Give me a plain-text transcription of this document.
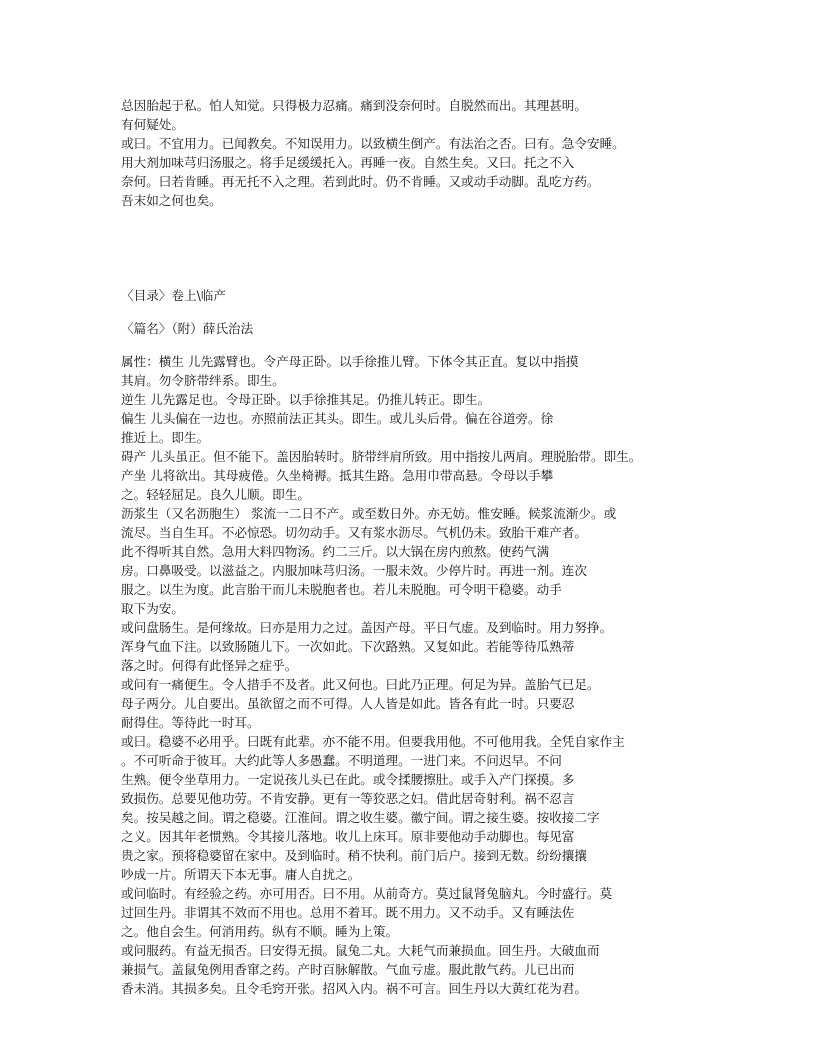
总因胎起于私。怕人知觉。只得极力忍痛。痛到没奈何时。自脱然而出。其理甚明。
有何疑处。
或曰。不宜用力。已闻教矣。不知误用力。以致横生倒产。有法治之否。曰有。急令安睡。
用大剂加味芎归汤服之。将手足缓缓托入。再睡一夜。自然生矣。又曰。托之不入
奈何。曰若肯睡。再无托不入之理。若到此时。仍不肯睡。又或动手动脚。乱吃方药。
吾末如之何也矣。
〈目录〉卷上\临产
〈篇名〉（附）薛氏治法
属性：横生 儿先露臂也。令产母正卧。以手徐推儿臂。下体令其正直。复以中指摸
其肩。勿令脐带绊系。即生。
逆生 儿先露足也。令母正卧。以手徐推其足。仍推儿转正。即生。
偏生 儿头偏在一边也。亦照前法正其头。即生。或儿头后骨。偏在谷道旁。徐
推近上。即生。
碍产 儿头虽正。但不能下。盖因胎转时。脐带绊肩所致。用中指按儿两肩。理脱胎带。即生。
产坐 儿将欲出。其母疲倦。久坐椅褥。抵其生路。急用巾带高悬。令母以手攀
之。轻轻屈足。良久儿顺。即生。
沥浆生（又名沥胞生） 浆流一二日不产。或至数日外。亦无妨。惟安睡。候浆流渐少。或
流尽。当自生耳。不必惊恐。切勿动手。又有浆水沥尽。气机仍未。致胎干难产者。
此不得听其自然。急用大料四物汤。约二三斤。以大锅在房内煎熬。使药气满
房。口鼻吸受。以滋益之。内服加味芎归汤。一服未效。少停片时。再进一剂。连次
服之。以生为度。此言胎干而儿未脱胞者也。若儿未脱胞。可令明干稳婆。动手
取下为安。
或问盘肠生。是何缘故。曰亦是用力之过。盖因产母。平日气虚。及到临时。用力努挣。
浑身气血下注。以致肠随儿下。一次如此。下次路熟。又复如此。若能等待瓜熟蒂
落之时。何得有此怪异之症乎。
或问有一痛便生。令人措手不及者。此又何也。曰此乃正理。何足为异。盖胎气已足。
母子两分。儿自要出。虽欲留之而不可得。人人皆是如此。皆各有此一时。只要忍
耐得住。等待此一时耳。
或曰。稳婆不必用乎。曰既有此辈。亦不能不用。但要我用他。不可他用我。全凭自家作主
。不可听命于彼耳。大约此等人多愚蠢。不明道理。一进门来。不问迟早。不问
生熟。便令坐草用力。一定说孩儿头已在此。或令揉腰擦肚。或手入产门探摸。多
致损伤。总要见他功劳。不肯安静。更有一等狡恶之妇。借此居奇射利。祸不忍言
矣。按吴越之间。谓之稳婆。江淮间。谓之收生婆。徽宁间。谓之接生婆。按收接二字
之义。因其年老惯熟。令其接儿落地。收儿上床耳。原非要他动手动脚也。每见富
贵之家。预将稳婆留在家中。及到临时。稍不快利。前门后户。接到无数。纷纷攘攘
吵成一片。所谓天下本无事。庸人自扰之。
或问临时。有经验之药。亦可用否。曰不用。从前奇方。莫过鼠肾兔脑丸。今时盛行。莫
过回生丹。非谓其不效而不用也。总用不着耳。既不用力。又不动手。又有睡法佐
之。他自会生。何消用药。纵有不顺。睡为上策。
或问服药。有益无损否。曰安得无损。鼠兔二丸。大耗气而兼损血。回生丹。大破血而
兼损气。盖鼠兔例用香窜之药。产时百脉解散。气血亏虚。服此散气药。儿已出而
香未消。其损多矣。且令毛窍开张。招风入内。祸不可言。回生丹以大黄红花为君。
